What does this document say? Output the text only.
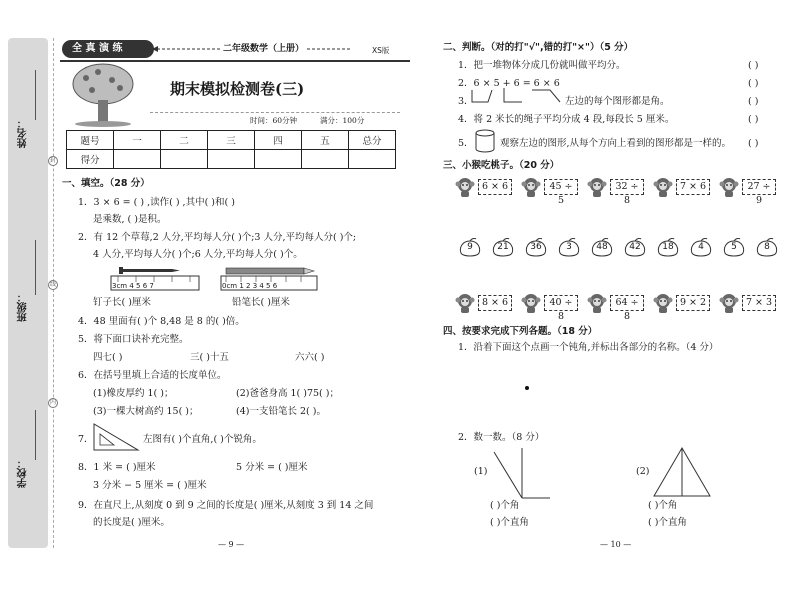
姓名：
班级：
学校：
封
线
内
全 真 演 练	二年级数学（上册）	XS版
期末模拟检测卷(三)
时间：60分钟	满分：100分
题号	一	二	三	四	五	总分
得分						
一、填空。（28 分）
1．3 × 6 = ( ) ,读作( ) ,其中( )和( )
是乘数, ( )是积。
2．有 12 个草莓,2 人分,平均每人分( )个;3 人分,平均每人分( )个;
4 人分,平均每人分( )个;6 人分,平均每人分( )个。
3cm 4 5 6 7	0cm 1 2 3 4 5 6
钉子长( )厘米	铅笔长( )厘米
4．48 里面有( )个 8,48 是 8 的( )倍。
5．将下面口诀补充完整。
四七( )	三( )十五	六六( )
6．在括号里填上合适的长度单位。
(1)橡皮厚约 1( )；	(2)爸爸身高 1( )75( )；
(3)一棵大树高约 15( )；	(4)一支铅笔长 2( )。
7．	左图有( )个直角,( )个锐角。
8．1 米 = ( )厘米	5 分米 = ( )厘米
3 分米 − 5 厘米 = ( )厘米
9．在直尺上,从刻度 0 到 9 之间的长度是( )厘米,从刻度 3 到 14 之间
的长度是( )厘米。
— 9 —
二、判断。（对的打"√",错的打"×"）（5 分）
1．把一堆物体分成几份就叫做平均分。	( )
2．6 × 5 + 6 = 6 × 6	( )
3．	左边的每个图形都是角。	( )
4．将 2 米长的绳子平均分成 4 段,每段长 5 厘米。	( )
5．	观察左边的图形,从每个方向上看到的图形都是一样的。 ( )
三、小猴吃桃子。（20 分）
6 × 6	45 ÷ 5
32 ÷ 8
7 × 6	27 ÷ 9
9	21	36	3	48	42	18	4	5	8
8 × 6	40 ÷ 8
64 ÷ 8
9 × 2	7 × 3
四、按要求完成下列各题。（18 分）
1．沿着下面这个点画一个钝角,并标出各部分的名称。（4 分）
2．数一数。（8 分）
(1)
( )个角
( )个直角
(2)
( )个角
( )个直角
— 10 —
